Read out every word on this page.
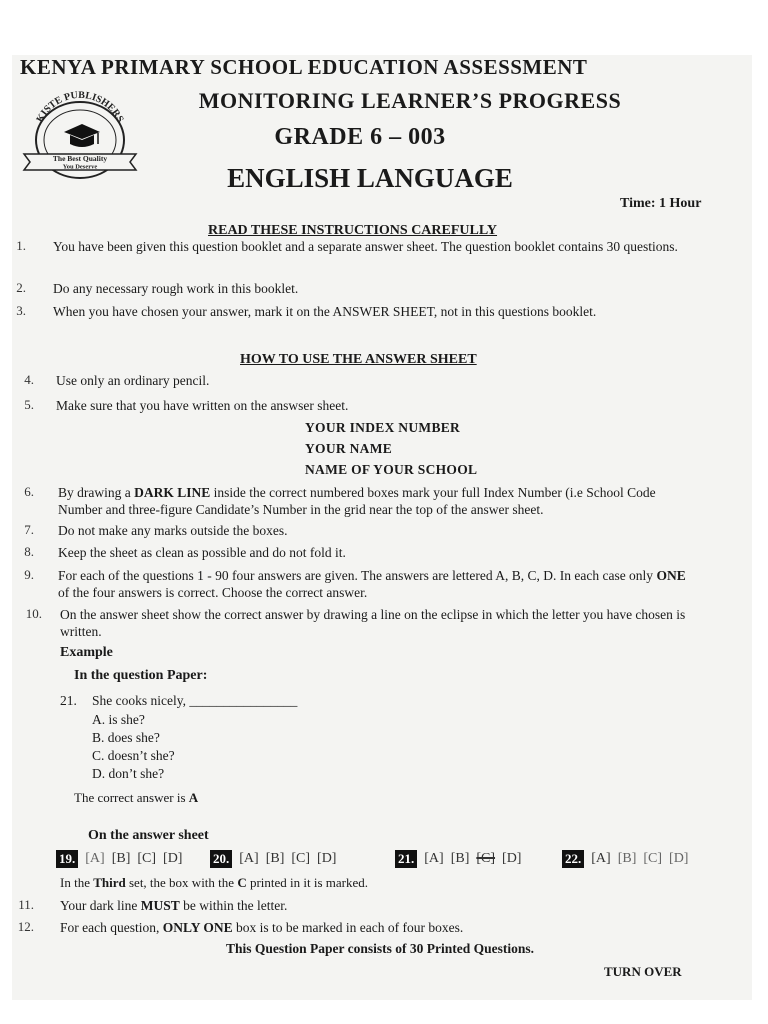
KISTE PUBLISHERS
The Best Quality
You Deserve
KENYA PRIMARY SCHOOL EDUCATION ASSESSMENT
MONITORING LEARNER’S PROGRESS
GRADE 6 – 003
ENGLISH LANGUAGE
Time: 1 Hour
READ THESE INSTRUCTIONS CAREFULLY
1. You have been given this question booklet and a separate answer sheet. The question booklet contains 30 questions.
2. Do any necessary rough work in this booklet.
3. When you have chosen your answer, mark it on the ANSWER SHEET, not in this questions booklet.
HOW TO USE THE ANSWER SHEET
4. Use only an ordinary pencil.
5. Make sure that you have written on the answser sheet.
YOUR INDEX NUMBER
YOUR NAME
NAME OF YOUR SCHOOL
6. By drawing a DARK LINE inside the correct numbered boxes mark your full Index Number (i.e School Code Number and three-figure Candidate’s Number in the grid near the top of the answer sheet.
7. Do not make any marks outside the boxes.
8. Keep the sheet as clean as possible and do not fold it.
9. For each of the questions 1 - 90 four answers are given. The answers are lettered A, B, C, D. In each case only ONE of the four answers is correct. Choose the correct answer.
10. On the answer sheet show the correct answer by drawing a line on the eclipse in which the letter you have chosen is written.
Example
In the question Paper:
21. She cooks nicely, ________________
A. is she?
B. does she?
C. doesn’t she?
D. don’t she?
The correct answer is A
On the answer sheet
19. [A] [B] [C] [D] 20. [A] [B] [C] [D]	21. [A] [B] [C] [D]	22. [A] [B] [C] [D]
In the Third set, the box with the C printed in it is marked.
11. Your dark line MUST be within the letter.
12. For each question, ONLY ONE box is to be marked in each of four boxes.
This Question Paper consists of 30 Printed Questions.
TURN OVER
